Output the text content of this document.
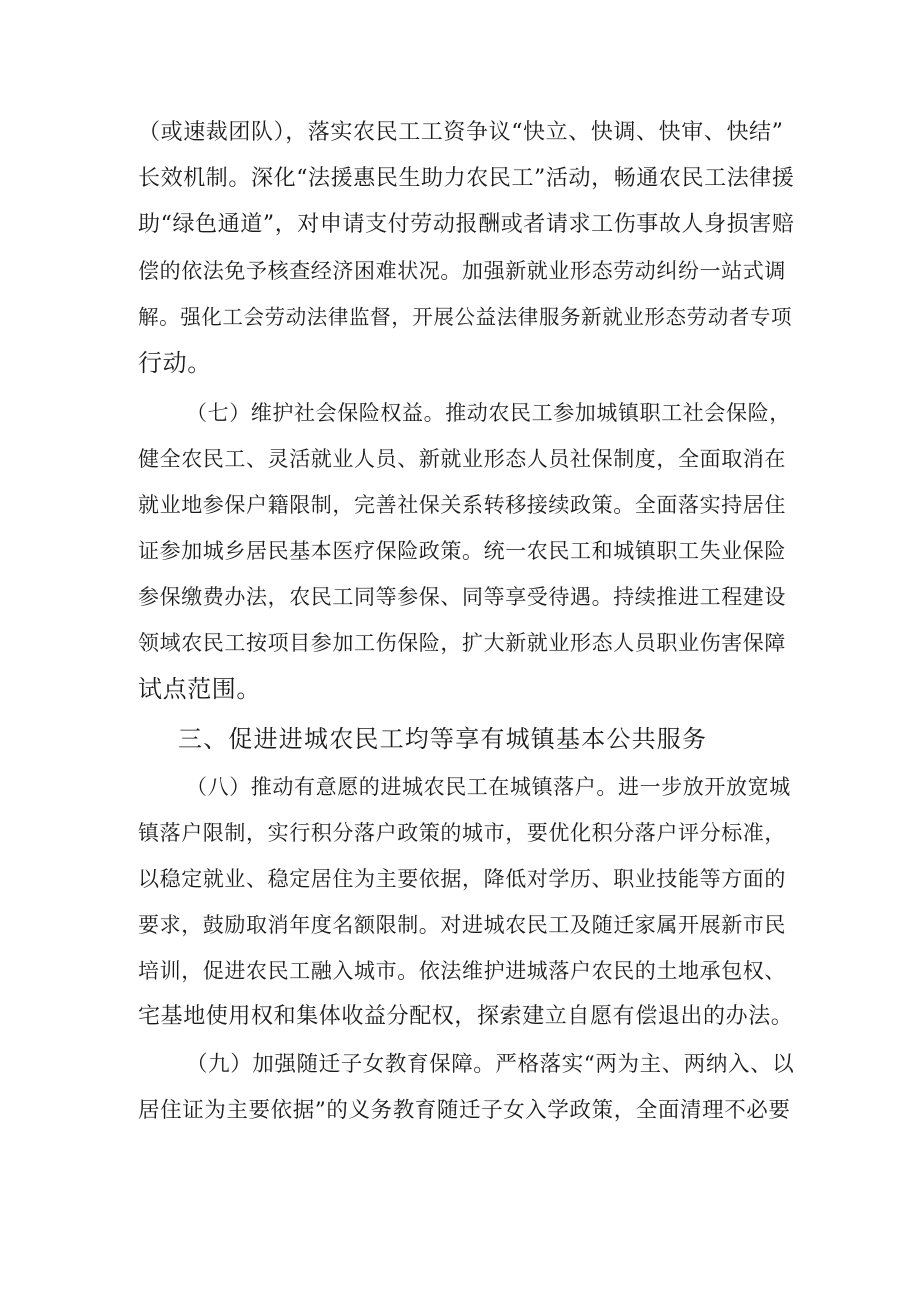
（或速裁团队），落实农民工工资争议“快立、快调、快审、快结”
长效机制。深化“法援惠民生助力农民工”活动，畅通农民工法律援
助“绿色通道”，对申请支付劳动报酬或者请求工伤事故人身损害赔
偿的依法免予核查经济困难状况。加强新就业形态劳动纠纷一站式调
解。强化工会劳动法律监督，开展公益法律服务新就业形态劳动者专项
行动。
（七）维护社会保险权益。推动农民工参加城镇职工社会保险，
健全农民工、灵活就业人员、新就业形态人员社保制度，全面取消在
就业地参保户籍限制，完善社保关系转移接续政策。全面落实持居住
证参加城乡居民基本医疗保险政策。统一农民工和城镇职工失业保险
参保缴费办法，农民工同等参保、同等享受待遇。持续推进工程建设
领域农民工按项目参加工伤保险，扩大新就业形态人员职业伤害保障
试点范围。
三、促进进城农民工均等享有城镇基本公共服务
（八）推动有意愿的进城农民工在城镇落户。进一步放开放宽城
镇落户限制，实行积分落户政策的城市，要优化积分落户评分标准，
以稳定就业、稳定居住为主要依据，降低对学历、职业技能等方面的
要求，鼓励取消年度名额限制。对进城农民工及随迁家属开展新市民
培训，促进农民工融入城市。依法维护进城落户农民的土地承包权、
宅基地使用权和集体收益分配权，探索建立自愿有偿退出的办法。
（九）加强随迁子女教育保障。严格落实“两为主、两纳入、以
居住证为主要依据”的义务教育随迁子女入学政策，全面清理不必要
